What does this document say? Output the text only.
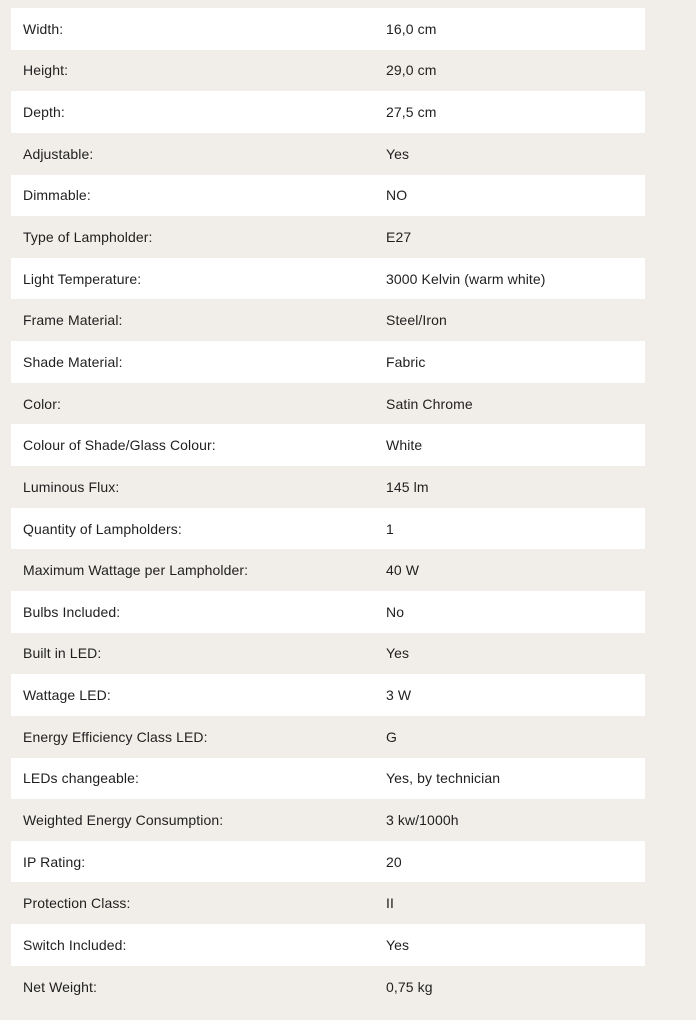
Width:	16,0 cm
Height:	29,0 cm
Depth:	27,5 cm
Adjustable:	Yes
Dimmable:	NO
Type of Lampholder:	E27
Light Temperature:	3000 Kelvin (warm white)
Frame Material:	Steel/Iron
Shade Material:	Fabric
Color:	Satin Chrome
Colour of Shade/Glass Colour:	White
Luminous Flux:	145 lm
Quantity of Lampholders:	1
Maximum Wattage per Lampholder:	40 W
Bulbs Included:	No
Built in LED:	Yes
Wattage LED:	3 W
Energy Efficiency Class LED:	G
LEDs changeable:	Yes, by technician
Weighted Energy Consumption:	3 kw/1000h
IP Rating:	20
Protection Class:	II
Switch Included:	Yes
Net Weight:	0,75 kg
